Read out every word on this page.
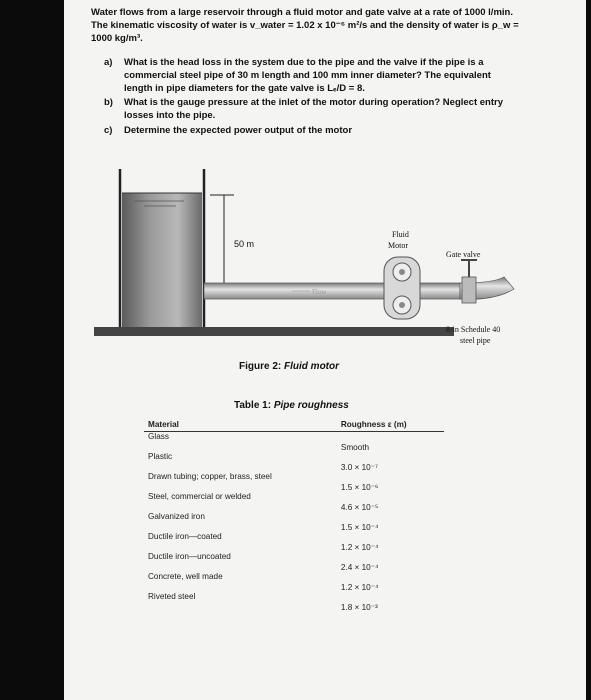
Water flows from a large reservoir through a fluid motor and gate valve at a rate of 1000 l/min.
The kinematic viscosity of water is v_water = 1.02 x 10⁻⁶ m²/s and the density of water is ρ_w =
1000 kg/m³.
a) What is the head loss in the system due to the pipe and the valve if the pipe is a
commercial steel pipe of 30 m length and 100 mm inner diameter? The equivalent
length in pipe diameters for the gate valve is Lₑ/D = 8.
b) What is the gauge pressure at the inlet of the motor during operation? Neglect entry
losses into the pipe.
c) Determine the expected power output of the motor
50 m
Flow
Fluid
Motor
Gate valve
8-in Schedule 40
steel pipe
Figure 2: Fluid motor
Table 1: Pipe roughness
Material	Roughness ε (m)
Glass	Smooth
Plastic	3.0 × 10⁻⁷
Drawn tubing; copper, brass, steel	1.5 × 10⁻⁶
Steel, commercial or welded	4.6 × 10⁻⁵
Galvanized iron	1.5 × 10⁻⁴
Ductile iron—coated	1.2 × 10⁻⁴
Ductile iron—uncoated	2.4 × 10⁻⁴
Concrete, well made	1.2 × 10⁻⁴
Riveted steel	1.8 × 10⁻³
